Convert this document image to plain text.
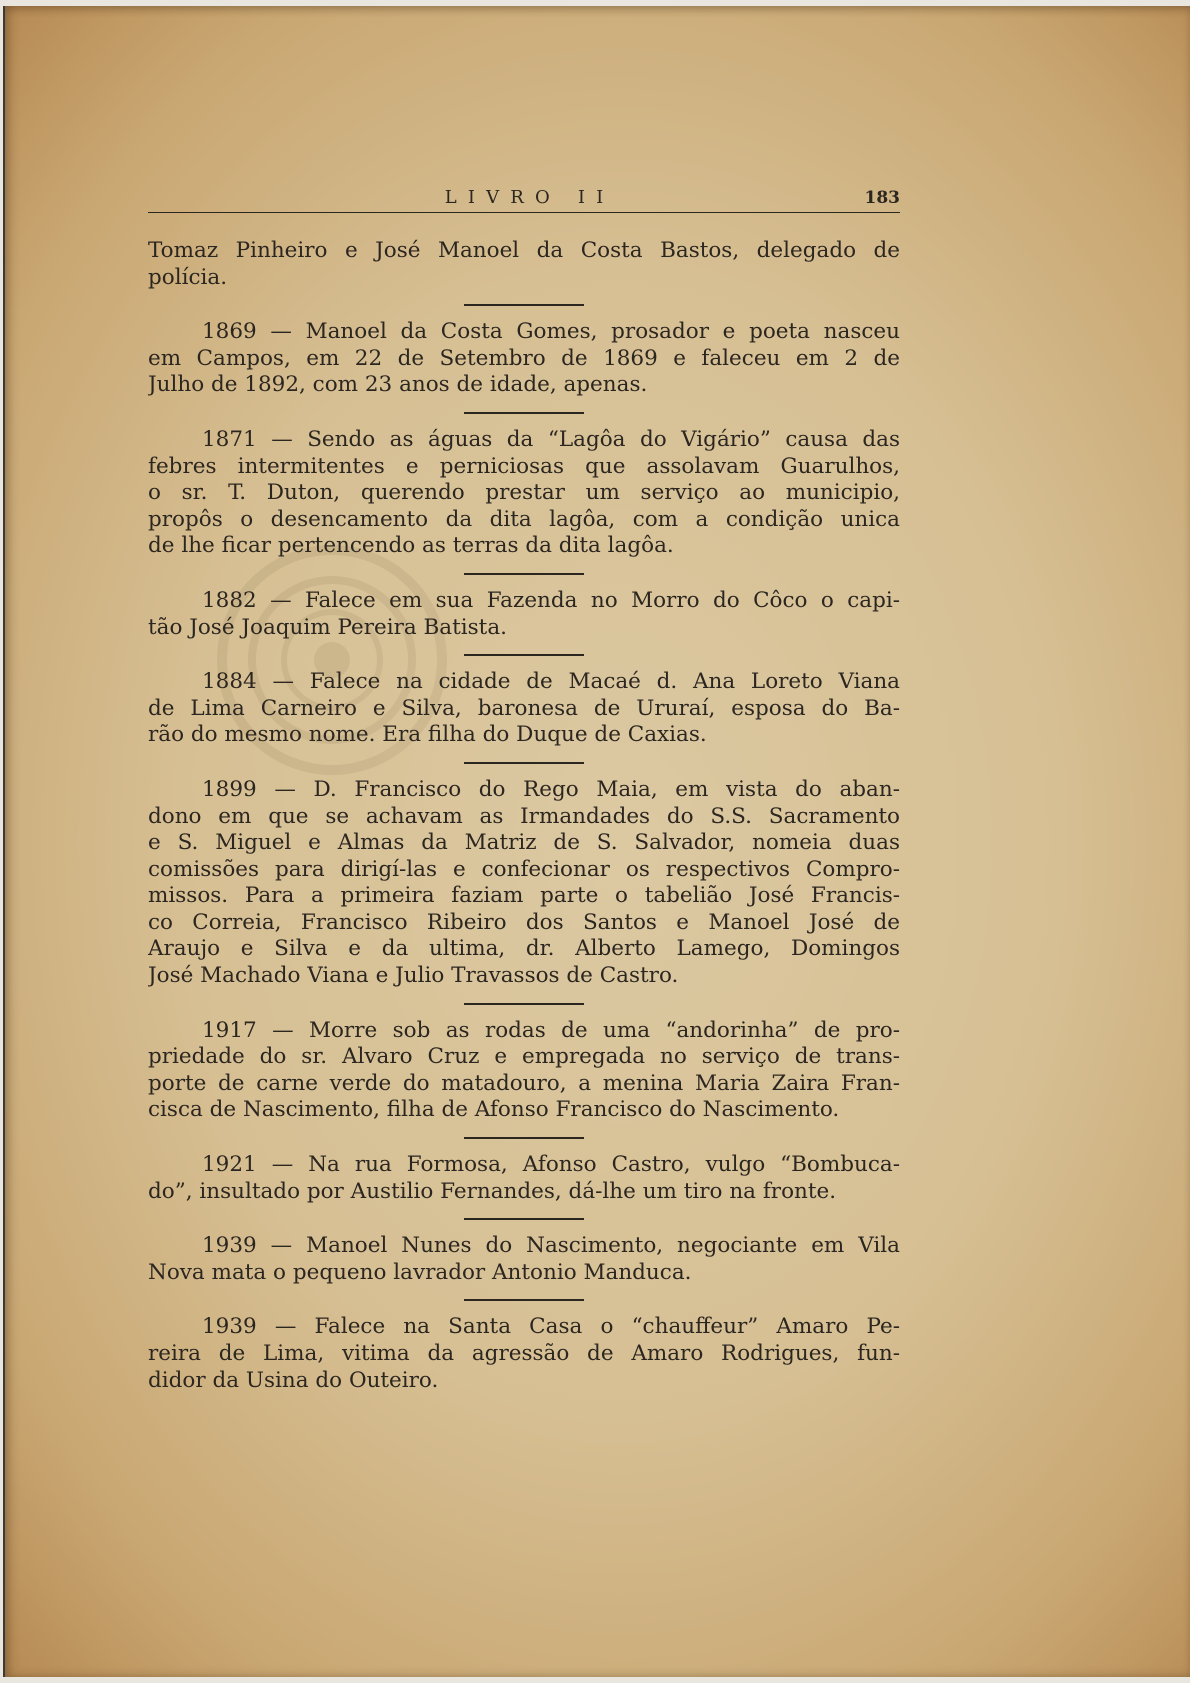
LIVRO II	183
Tomaz Pinheiro e José Manoel da Costa Bastos, delegado de
polícia.
1869 — Manoel da Costa Gomes, prosador e poeta nasceu
em Campos, em 22 de Setembro de 1869 e faleceu em 2 de
Julho de 1892, com 23 anos de idade, apenas.
1871 — Sendo as águas da “Lagôa do Vigário” causa das
febres intermitentes e perniciosas que assolavam Guarulhos,
o sr. T. Duton, querendo prestar um serviço ao municipio,
propôs o desencamento da dita lagôa, com a condição unica
de lhe ficar pertencendo as terras da dita lagôa.
1882 — Falece em sua Fazenda no Morro do Côco o capi-
tão José Joaquim Pereira Batista.
1884 — Falece na cidade de Macaé d. Ana Loreto Viana
de Lima Carneiro e Silva, baronesa de Ururaí, esposa do Ba-
rão do mesmo nome. Era filha do Duque de Caxias.
1899 — D. Francisco do Rego Maia, em vista do aban-
dono em que se achavam as Irmandades do S.S. Sacramento
e S. Miguel e Almas da Matriz de S. Salvador, nomeia duas
comissões para dirigí-las e confecionar os respectivos Compro-
missos. Para a primeira faziam parte o tabelião José Francis-
co Correia, Francisco Ribeiro dos Santos e Manoel José de
Araujo e Silva e da ultima, dr. Alberto Lamego, Domingos
José Machado Viana e Julio Travassos de Castro.
1917 — Morre sob as rodas de uma “andorinha” de pro-
priedade do sr. Alvaro Cruz e empregada no serviço de trans-
porte de carne verde do matadouro, a menina Maria Zaira Fran-
cisca de Nascimento, filha de Afonso Francisco do Nascimento.
1921 — Na rua Formosa, Afonso Castro, vulgo “Bombuca-
do”, insultado por Austilio Fernandes, dá-lhe um tiro na fronte.
1939 — Manoel Nunes do Nascimento, negociante em Vila
Nova mata o pequeno lavrador Antonio Manduca.
1939 — Falece na Santa Casa o “chauffeur” Amaro Pe-
reira de Lima, vitima da agressão de Amaro Rodrigues, fun-
didor da Usina do Outeiro.
